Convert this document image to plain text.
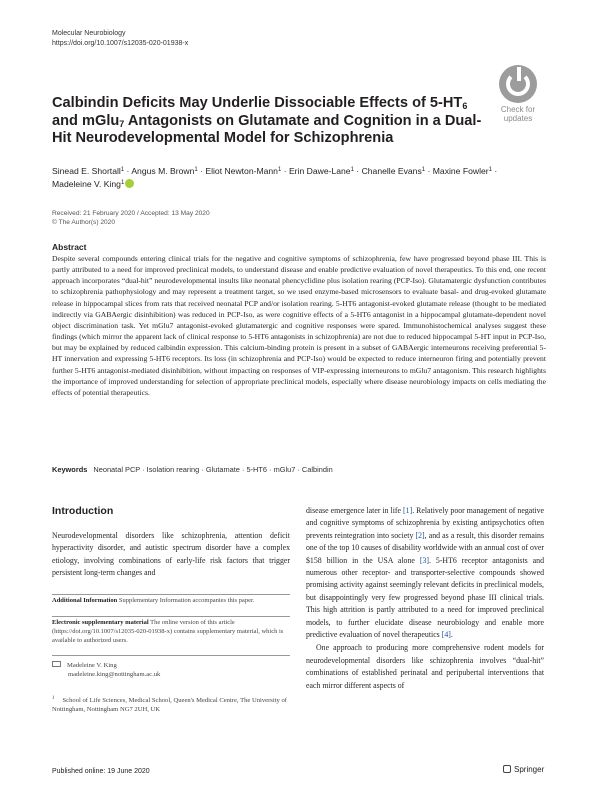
Molecular Neurobiology
https://doi.org/10.1007/s12035-020-01938-x
Check for
updates
Calbindin Deficits May Underlie Dissociable Effects of $5-HT_6$ and mGlu$_7$ Antagonists on Glutamate and Cognition in a Dual-Hit Neurodevelopmental Model for Schizophrenia
Sinead E. Shortall$^1$ · Angus M. Brown$^1$ · Eliot Newton-Mann$^1$ · Erin Dawe-Lane$^1$ · Chanelle Evans$^1$ · Maxine Fowler$^1$ ·
Madeleine V. King$^1$
Received: 21 February 2020 / Accepted: 13 May 2020
© The Author(s) 2020
Abstract
Despite several compounds entering clinical trials for the negative and cognitive symptoms of schizophrenia, few have progressed beyond phase III. This is partly attributed to a need for improved preclinical models, to understand disease and enable predictive evaluation of novel therapeutics. To this end, one recent approach incorporates “dual-hit” neurodevelopmental insults like neonatal phencyclidine plus isolation rearing (PCP-Iso). Glutamatergic dysfunction contributes to schizophrenia pathophysiology and may represent a treatment target, so we used enzyme-based microsensors to evaluate basal- and drug-evoked glutamate release in hippocampal slices from rats that received neonatal PCP and/or isolation rearing. 5-HT6 antagonist-evoked glutamate release (thought to be mediated indirectly via GABAergic disinhibition) was reduced in PCP-Iso, as were cognitive effects of a 5-HT6 antagonist in a hippocampal glutamate-dependent novel object discrimination task. Yet mGlu7 antagonist-evoked glutamatergic and cognitive responses were spared. Immunohistochemical analyses suggest these findings (which mirror the apparent lack of clinical response to 5-HT6 antagonists in schizophrenia) are not due to reduced hippocampal 5-HT input in PCP-Iso, but may be explained by reduced calbindin expression. This calcium-binding protein is present in a subset of GABAergic interneurons receiving preferential 5-HT innervation and expressing 5-HT6 receptors. Its loss (in schizophrenia and PCP-Iso) would be expected to reduce interneuron firing and potentially prevent further 5-HT6 antagonist-mediated disinhibition, without impacting on responses of VIP-expressing interneurons to mGlu7 antagonism. This research highlights the importance of improved understanding for selection of appropriate preclinical models, especially where disease neurobiology impacts on cells mediating the effects of potential therapeutics.
Keywords Neonatal PCP · Isolation rearing · Glutamate · 5-HT6 · mGlu7 · Calbindin
Introduction
Neurodevelopmental disorders like schizophrenia, attention deficit hyperactivity disorder, and autistic spectrum disorder have a complex etiology, involving combinations of early-life risk factors that trigger persistent long-term changes and

disease emergence later in life [1]. Relatively poor management of negative and cognitive symptoms of schizophrenia by existing antipsychotics often prevents reintegration into society [2], and as a result, this disorder remains one of the top 10 causes of disability worldwide with an annual cost of over $158 billion in the USA alone [3]. 5-HT6 receptor antagonists and numerous other receptor- and transporter-selective compounds showed promising activity against seemingly relevant deficits in preclinical models, but disappointingly very few progressed beyond phase III clinical trials. This high attrition is partly attributed to a need for improved preclinical models, to further elucidate disease neurobiology and enable more predictive evaluation of novel therapeutics [4].

One approach to producing more comprehensive rodent models for neurodevelopmental disorders like schizophrenia involves “dual-hit” combinations of established perinatal and peripubertal interventions that each mirror different aspects of

Additional Information Supplementary Information accompanies this paper.
Electronic supplementary material The online version of this article (https://doi.org/10.1007/s12035-020-01938-x) contains supplementary material, which is available to authorized users.
Madeleine V. King
madeleine.king@nottingham.ac.uk
$^1$ School of Life Sciences, Medical School, Queen's Medical Centre, The University of Nottingham, Nottingham NG7 2UH, UK
Published online: 19 June 2020	Springer
